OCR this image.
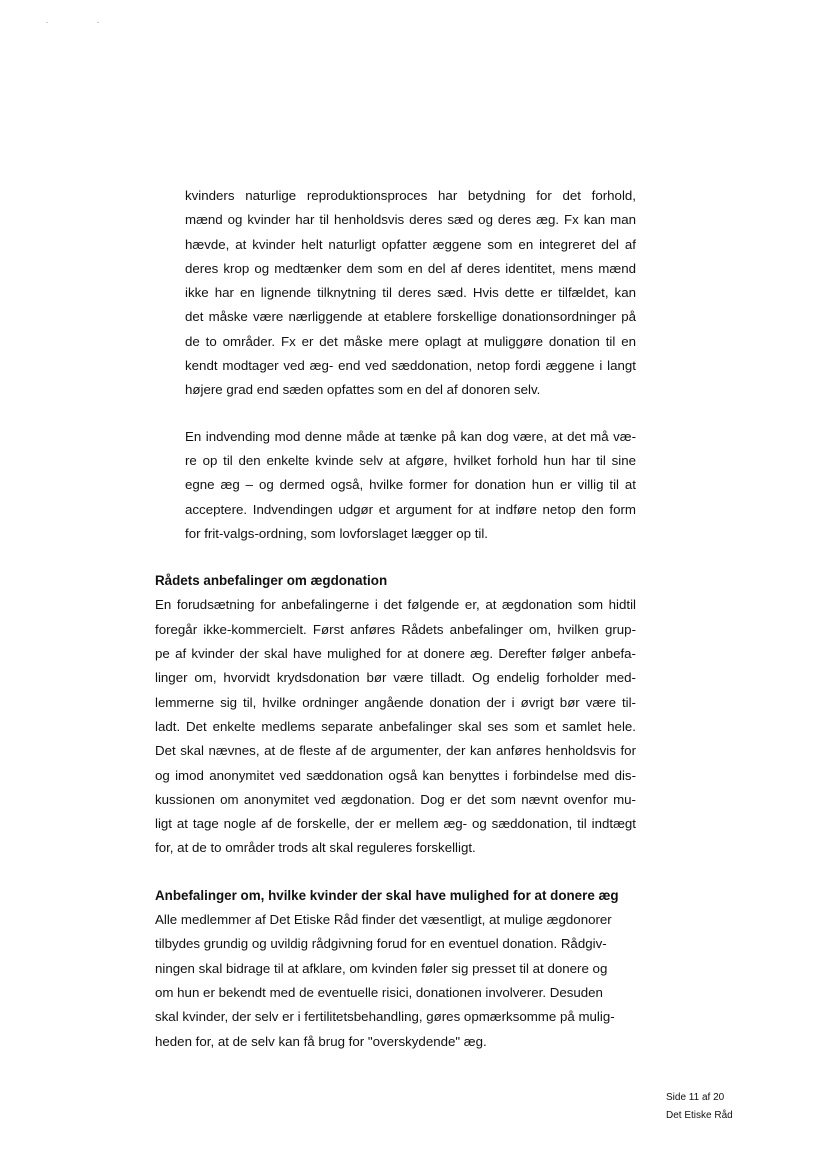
kvinders naturlige reproduktionsproces har betydning for det forhold,
mænd og kvinder har til henholdsvis deres sæd og deres æg. Fx kan man
hævde, at kvinder helt naturligt opfatter æggene som en integreret del af
deres krop og medtænker dem som en del af deres identitet, mens mænd
ikke har en lignende tilknytning til deres sæd. Hvis dette er tilfældet, kan
det måske være nærliggende at etablere forskellige donationsordninger på
de to områder. Fx er det måske mere oplagt at muliggøre donation til en
kendt modtager ved æg- end ved sæddonation, netop fordi æggene i langt
højere grad end sæden opfattes som en del af donoren selv.

En indvending mod denne måde at tænke på kan dog være, at det må væ-
re op til den enkelte kvinde selv at afgøre, hvilket forhold hun har til sine
egne æg – og dermed også, hvilke former for donation hun er villig til at
acceptere. Indvendingen udgør et argument for at indføre netop den form
for frit-valgs-ordning, som lovforslaget lægger op til.

Rådets anbefalinger om ægdonation

En forudsætning for anbefalingerne i det følgende er, at ægdonation som hidtil
foregår ikke-kommercielt. Først anføres Rådets anbefalinger om, hvilken grup-
pe af kvinder der skal have mulighed for at donere æg. Derefter følger anbefa-
linger om, hvorvidt krydsdonation bør være tilladt. Og endelig forholder med-
lemmerne sig til, hvilke ordninger angående donation der i øvrigt bør være til-
ladt. Det enkelte medlems separate anbefalinger skal ses som et samlet hele.
Det skal nævnes, at de fleste af de argumenter, der kan anføres henholdsvis for
og imod anonymitet ved sæddonation også kan benyttes i forbindelse med dis-
kussionen om anonymitet ved ægdonation. Dog er det som nævnt ovenfor mu-
ligt at tage nogle af de forskelle, der er mellem æg- og sæddonation, til indtægt
for, at de to områder trods alt skal reguleres forskelligt.

Anbefalinger om, hvilke kvinder der skal have mulighed for at donere æg

Alle medlemmer af Det Etiske Råd finder det væsentligt, at mulige ægdonorer
tilbydes grundig og uvildig rådgivning forud for en eventuel donation. Rådgiv-
ningen skal bidrage til at afklare, om kvinden føler sig presset til at donere og
om hun er bekendt med de eventuelle risici, donationen involverer. Desuden
skal kvinder, der selv er i fertilitetsbehandling, gøres opmærksomme på mulig-
heden for, at de selv kan få brug for "overskydende" æg.

Side 11 af 20
Det Etiske Råd
